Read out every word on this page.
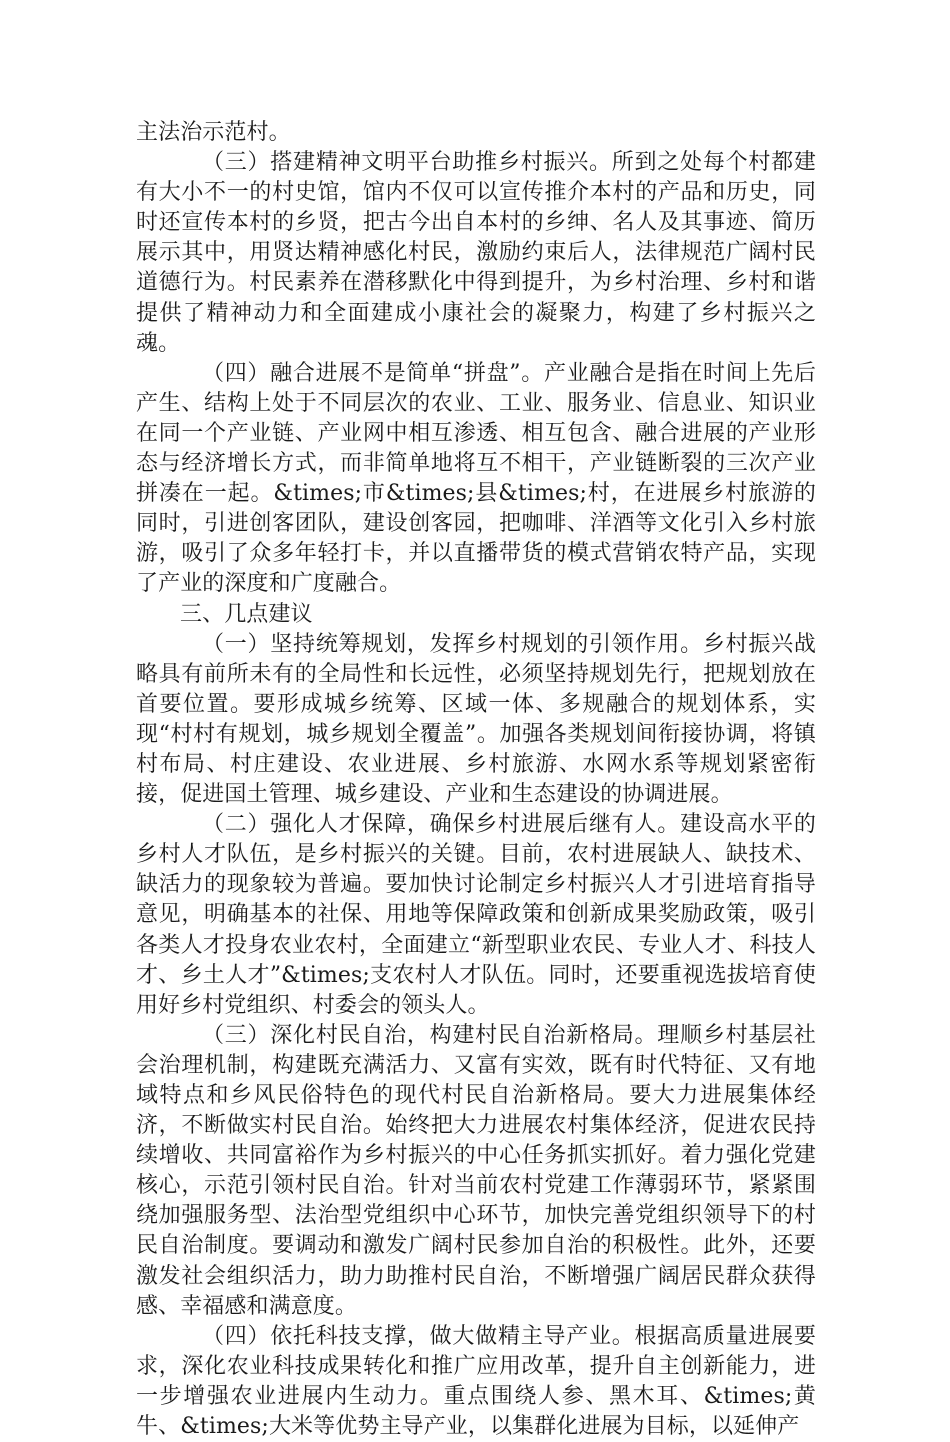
主法治示范村。

（三）搭建精神文明平台助推乡村振兴。所到之处每个村都建有大小不一的村史馆，馆内不仅可以宣传推介本村的产品和历史，同时还宣传本村的乡贤，把古今出自本村的乡绅、名人及其事迹、简历展示其中，用贤达精神感化村民，激励约束后人，法律规范广阔村民道德行为。村民素养在潜移默化中得到提升，为乡村治理、乡村和谐提供了精神动力和全面建成小康社会的凝聚力，构建了乡村振兴之魂。

（四）融合进展不是简单“拼盘”。产业融合是指在时间上先后产生、结构上处于不同层次的农业、工业、服务业、信息业、知识业在同一个产业链、产业网中相互渗透、相互包含、融合进展的产业形态与经济增长方式，而非简单地将互不相干，产业链断裂的三次产业拼凑在一起。&times;市&times;县&times;村，在进展乡村旅游的同时，引进创客团队，建设创客园，把咖啡、洋酒等文化引入乡村旅游，吸引了众多年轻打卡，并以直播带货的模式营销农特产品，实现了产业的深度和广度融合。

三、几点建议

（一）坚持统筹规划，发挥乡村规划的引领作用。乡村振兴战略具有前所未有的全局性和长远性，必须坚持规划先行，把规划放在首要位置。要形成城乡统筹、区域一体、多规融合的规划体系，实现“村村有规划，城乡规划全覆盖”。加强各类规划间衔接协调，将镇村布局、村庄建设、农业进展、乡村旅游、水网水系等规划紧密衔接，促进国土管理、城乡建设、产业和生态建设的协调进展。

（二）强化人才保障，确保乡村进展后继有人。建设高水平的乡村人才队伍，是乡村振兴的关键。目前，农村进展缺人、缺技术、缺活力的现象较为普遍。要加快讨论制定乡村振兴人才引进培育指导意见，明确基本的社保、用地等保障政策和创新成果奖励政策，吸引各类人才投身农业农村，全面建立“新型职业农民、专业人才、科技人才、乡土人才”&times;支农村人才队伍。同时，还要重视选拔培育使用好乡村党组织、村委会的领头人。

（三）深化村民自治，构建村民自治新格局。理顺乡村基层社会治理机制，构建既充满活力、又富有实效，既有时代特征、又有地域特点和乡风民俗特色的现代村民自治新格局。要大力进展集体经济，不断做实村民自治。始终把大力进展农村集体经济，促进农民持续增收、共同富裕作为乡村振兴的中心任务抓实抓好。着力强化党建核心，示范引领村民自治。针对当前农村党建工作薄弱环节，紧紧围绕加强服务型、法治型党组织中心环节，加快完善党组织领导下的村民自治制度。要调动和激发广阔村民参加自治的积极性。此外，还要激发社会组织活力，助力助推村民自治，不断增强广阔居民群众获得感、幸福感和满意度。

（四）依托科技支撑，做大做精主导产业。根据高质量进展要求，深化农业科技成果转化和推广应用改革，提升自主创新能力，进一步增强农业进展内生动力。重点围绕人参、黑木耳、&times;黄牛、&times;大米等优势主导产业，以集群化进展为目标，以延伸产
